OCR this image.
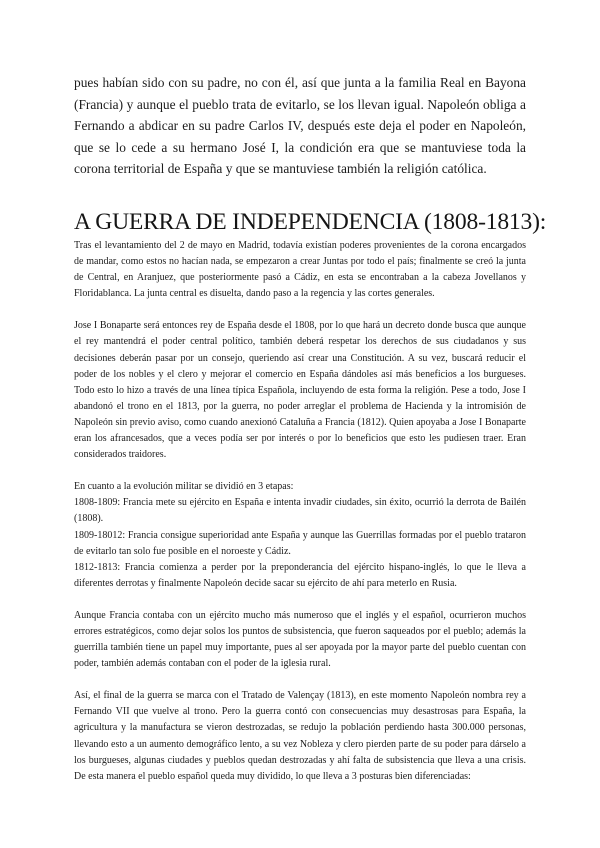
pues habían sido con su padre, no con él, así que junta a la familia Real en Bayona (Francia) y aunque el pueblo trata de evitarlo, se los llevan igual. Napoleón obliga a Fernando a abdicar en su padre Carlos IV, después este deja el poder en Napoleón, que se lo cede a su hermano José I, la condición era que se mantuviese toda la corona territorial de España y que se mantuviese también la religión católica.

A GUERRA DE INDEPENDENCIA (1808-1813):

Tras el levantamiento del 2 de mayo en Madrid, todavía existían poderes provenientes de la corona encargados de mandar, como estos no hacían nada, se empezaron a crear Juntas por todo el país; finalmente se creó la junta de Central, en Aranjuez, que posteriormente pasó a Cádiz, en esta se encontraban a la cabeza Jovellanos y Floridablanca. La junta central es disuelta, dando paso a la regencia y las cortes generales.

Jose I Bonaparte será entonces rey de España desde el 1808, por lo que hará un decreto donde busca que aunque el rey mantendrá el poder central político, también deberá respetar los derechos de sus ciudadanos y sus decisiones deberán pasar por un consejo, queriendo así crear una Constitución. A su vez, buscará reducir el poder de los nobles y el clero y mejorar el comercio en España dándoles así más beneficios a los burgueses. Todo esto lo hizo a través de una línea típica Española, incluyendo de esta forma la religión. Pese a todo, Jose I abandonó el trono en el 1813, por la guerra, no poder arreglar el problema de Hacienda y la intromisión de Napoleón sin previo aviso, como cuando anexionó Cataluña a Francia (1812). Quien apoyaba a Jose I Bonaparte eran los afrancesados, que a veces podía ser por interés o por lo beneficios que esto les pudiesen traer. Eran considerados traidores.

En cuanto a la evolución militar se dividió en 3 etapas:

1808-1809: Francia mete su ejército en España e intenta invadir ciudades, sin éxito, ocurrió la derrota de Bailén (1808).

1809-18012: Francia consigue superioridad ante España y aunque las Guerrillas formadas por el pueblo trataron de evitarlo tan solo fue posible en el noroeste y Cádiz.

1812-1813: Francia comienza a perder por la preponderancia del ejército hispano-inglés, lo que le lleva a diferentes derrotas y finalmente Napoleón decide sacar su ejército de ahí para meterlo en Rusia.

Aunque Francia contaba con un ejército mucho más numeroso que el inglés y el español, ocurrieron muchos errores estratégicos, como dejar solos los puntos de subsistencia, que fueron saqueados por el pueblo; además la guerrilla también tiene un papel muy importante, pues al ser apoyada por la mayor parte del pueblo cuentan con poder, también además contaban con el poder de la iglesia rural.

Así, el final de la guerra se marca con el Tratado de Valençay (1813), en este momento Napoleón nombra rey a Fernando VII que vuelve al trono. Pero la guerra contó con consecuencias muy desastrosas para España, la agricultura y la manufactura se vieron destrozadas, se redujo la población perdiendo hasta 300.000 personas, llevando esto a un aumento demográfico lento, a su vez Nobleza y clero pierden parte de su poder para dárselo a los burgueses, algunas ciudades y pueblos quedan destrozadas y ahí falta de subsistencia que lleva a una crisis. De esta manera el pueblo español queda muy dividido, lo que lleva a 3 posturas bien diferenciadas:
